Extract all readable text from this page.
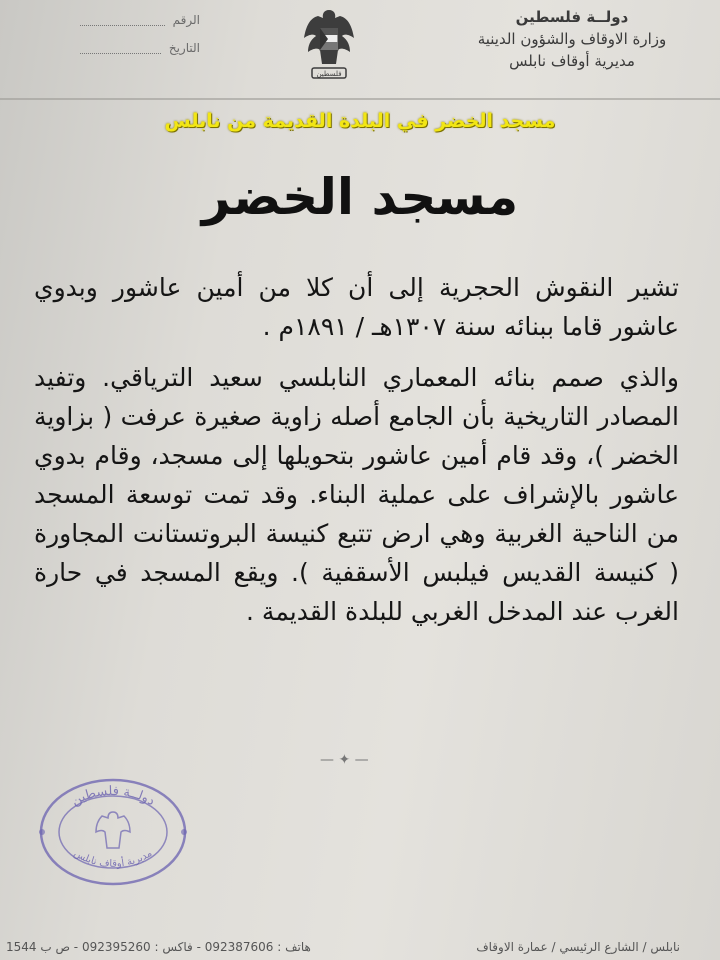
دولــة فلسطين
وزارة الاوقاف والشؤون الدينية
مديرية أوقاف نابلس
الرقم
التاريخ
فلسطين
مسجد الخضر في البلدة القديمة من نابلس
مسجد الخضر

تشير النقوش الحجرية إلى أن كلا من أمين عاشور وبدوي عاشور قاما ببنائه سنة ١٣٠٧هـ / ١٨٩١م .

والذي صمم بنائه المعماري النابلسي سعيد الترياقي. وتفيد المصادر التاريخية بأن الجامع أصله زاوية صغيرة عرفت ( بزاوية الخضر )، وقد قام أمين عاشور بتحويلها إلى مسجد، وقام بدوي عاشور بالإشراف على عملية البناء. وقد تمت توسعة المسجد من الناحية الغربية وهي ارض تتبع كنيسة البروتستانت المجاورة ( كنيسة القديس فيلبس الأسقفية ). ويقع المسجد في حارة الغرب عند المدخل الغربي للبلدة القديمة .

— ✦ —
دولــة فلسطين
مديرية أوقاف نابلس
نابلس / الشارع الرئيسي / عمارة الاوقاف
هاتف : 092387606 - فاكس : 092395260 - ص ب 1544
